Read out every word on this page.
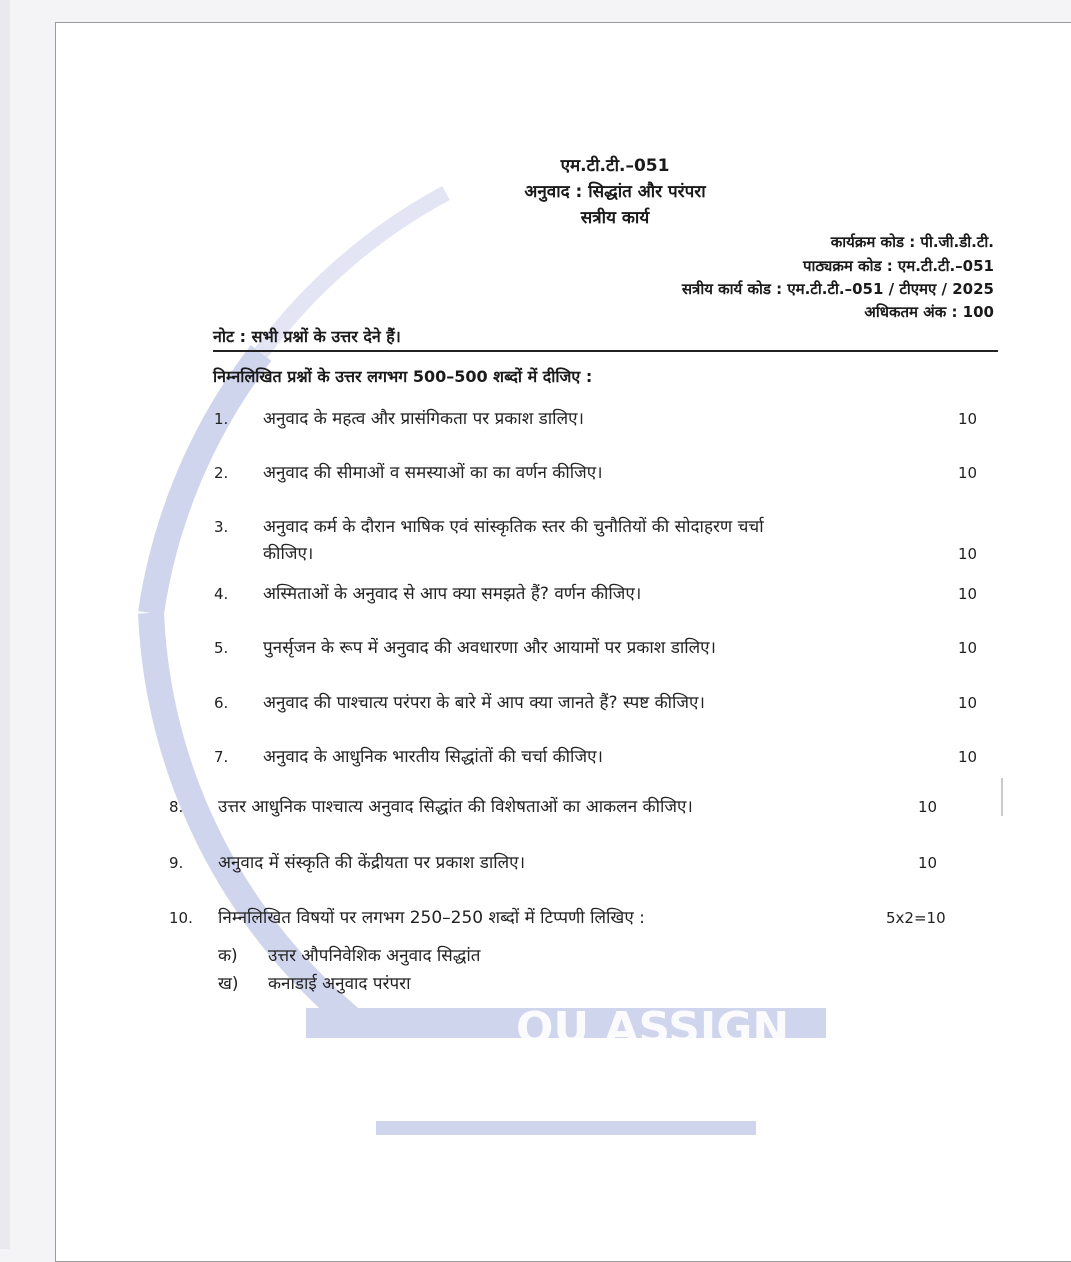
OU ASSIGN
एम.टी.टी.–051
अनुवाद : सिद्धांत और परंपरा
सत्रीय कार्य
कार्यक्रम कोड : पी.जी.डी.टी.
पाठ्यक्रम कोड : एम.टी.टी.–051
सत्रीय कार्य कोड : एम.टी.टी.–051 / टीएमए / 2025
अधिकतम अंक : 100
नोट : सभी प्रश्नों के उत्तर देने हैं।
निम्नलिखित प्रश्नों के उत्तर लगभग 500–500 शब्दों में दीजिए :
1. अनुवाद के महत्व और प्रासंगिकता पर प्रकाश डालिए।	10
2. अनुवाद की सीमाओं व समस्याओं का का वर्णन कीजिए।	10
3. अनुवाद कर्म के दौरान भाषिक एवं सांस्कृतिक स्तर की चुनौतियों की सोदाहरण चर्चा
कीजिए।	10
4. अस्मिताओं के अनुवाद से आप क्या समझते हैं? वर्णन कीजिए।	10
5. पुनर्सृजन के रूप में अनुवाद की अवधारणा और आयामों पर प्रकाश डालिए।	10
6. अनुवाद की पाश्चात्य परंपरा के बारे में आप क्या जानते हैं? स्पष्ट कीजिए।	10
7. अनुवाद के आधुनिक भारतीय सिद्धांतों की चर्चा कीजिए।	10
8. उत्तर आधुनिक पाश्चात्य अनुवाद सिद्धांत की विशेषताओं का आकलन कीजिए।	10
9. अनुवाद में संस्कृति की केंद्रीयता पर प्रकाश डालिए।	10
10. निम्नलिखित विषयों पर लगभग 250–250 शब्दों में टिप्पणी लिखिए :	5x2=10
क) उत्तर औपनिवेशिक अनुवाद सिद्धांत
ख) कनाडाई अनुवाद परंपरा
